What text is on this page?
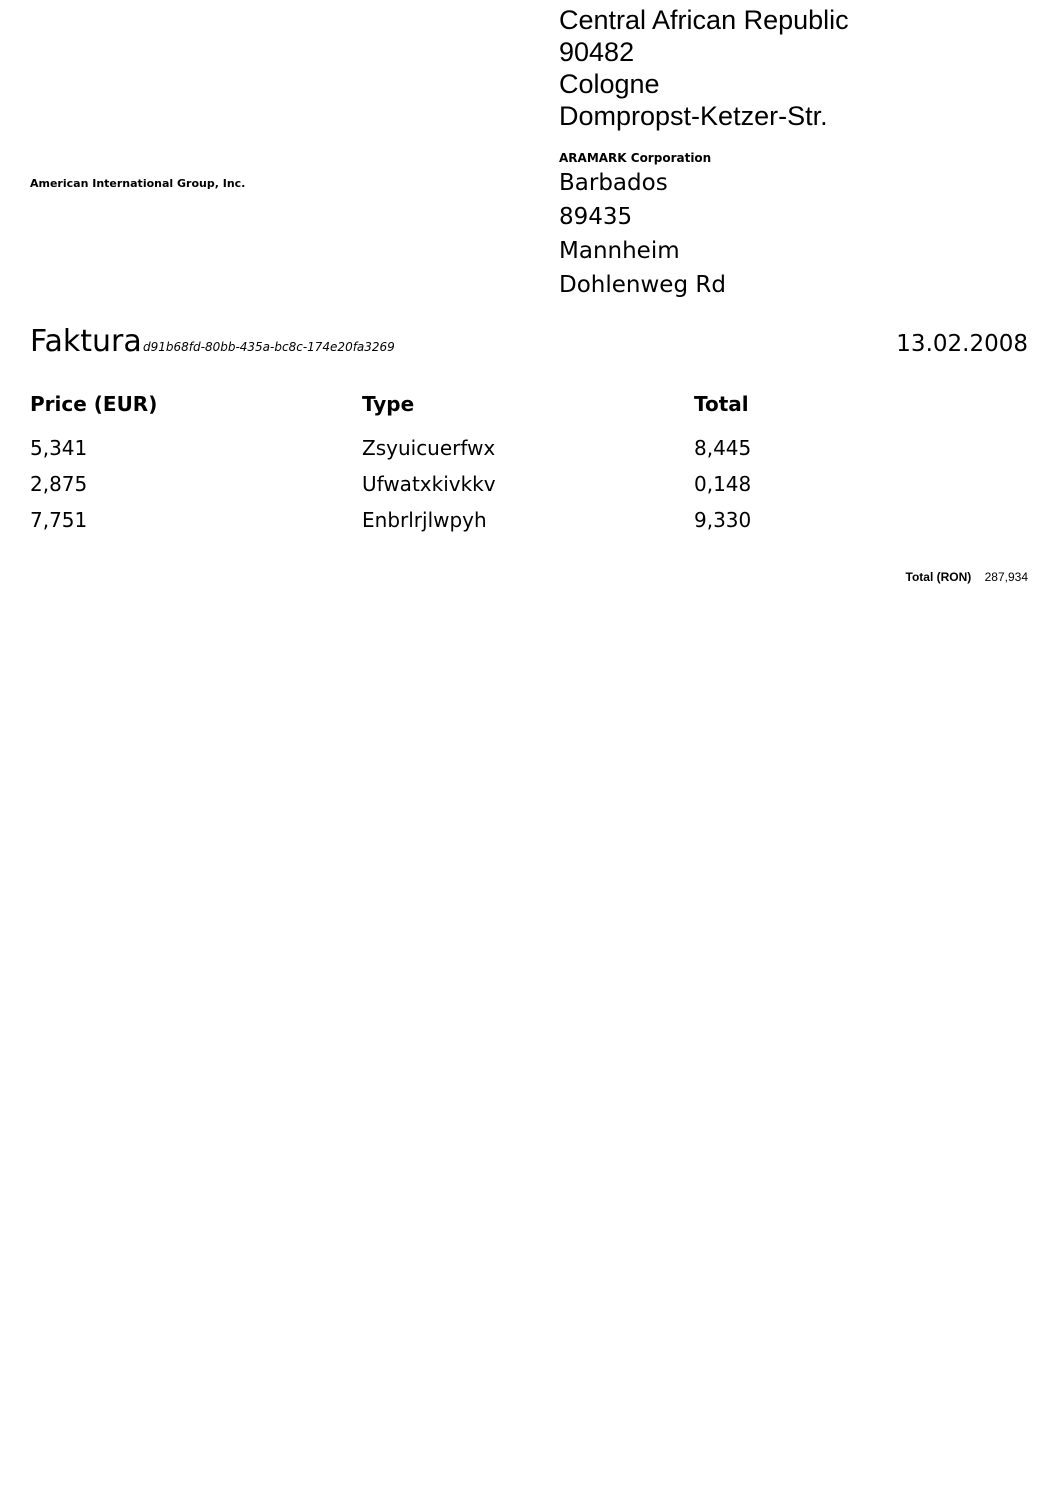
Central African Republic
90482
Cologne
Dompropst-Ketzer-Str.
American International Group, Inc.
ARAMARK Corporation
Barbados
89435
Mannheim
Dohlenweg Rd
Faktura d91b68fd-80bb-435a-bc8c-174e20fa3269	13.02.2008
Price (EUR)	Type	Total
5,341	Zsyuicuerfwx	8,445
2,875	Ufwatxkivkkv	0,148
7,751	Enbrlrjlwpyh	9,330
Total (RON) 287,934
